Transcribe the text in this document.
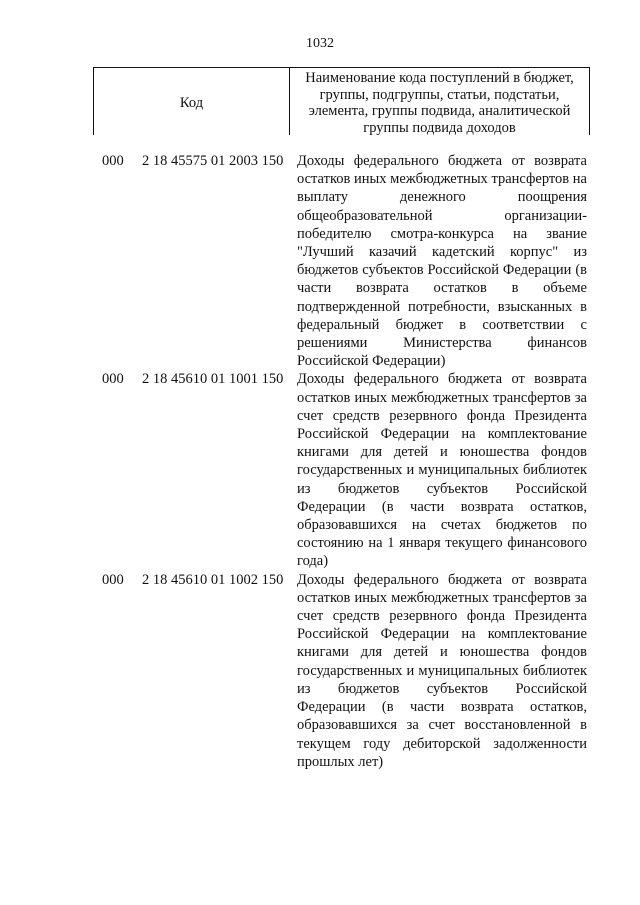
1032
Код
Наименование кода поступлений в бюджет, группы, подгруппы, статьи, подстатьи, элемента, группы подвида, аналитической группы подвида доходов
000 2 18 45575 01 2003 150 Доходы федерального бюджета от возврата остатков иных межбюджетных трансфертов на выплату денежного поощрения общеобразовательной организации-победителю смотра-конкурса на звание "Лучший казачий кадетский корпус" из бюджетов субъектов Российской Федерации (в части возврата остатков в объеме подтвержденной потребности, взысканных в федеральный бюджет в соответствии с решениями Министерства финансов Российской Федерации)
000 2 18 45610 01 1001 150 Доходы федерального бюджета от возврата остатков иных межбюджетных трансфертов за счет средств резервного фонда Президента Российской Федерации на комплектование книгами для детей и юношества фондов государственных и муниципальных библиотек из бюджетов субъектов Российской Федерации (в части возврата остатков, образовавшихся на счетах бюджетов по состоянию на 1 января текущего финансового года)
000 2 18 45610 01 1002 150 Доходы федерального бюджета от возврата остатков иных межбюджетных трансфертов за счет средств резервного фонда Президента Российской Федерации на комплектование книгами для детей и юношества фондов государственных и муниципальных библиотек из бюджетов субъектов Российской Федерации (в части возврата остатков, образовавшихся за счет восстановленной в текущем году дебиторской задолженности прошлых лет)
